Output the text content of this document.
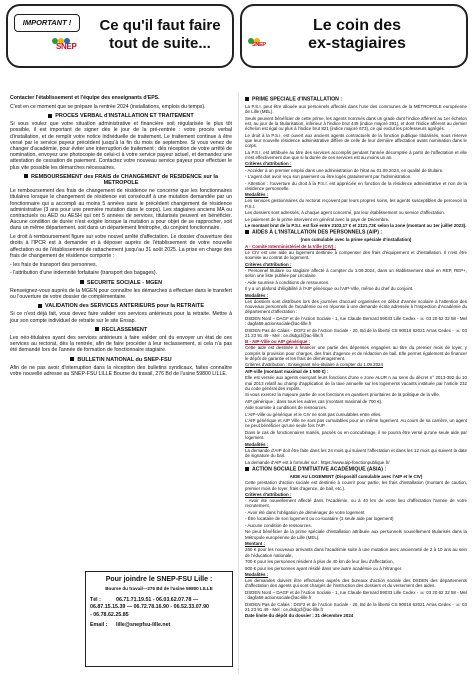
IMPORTANT !
SNEP
Ce qu'il faut faire
tout de suite...
Le coin des
ex-stagiaires
SNEP

Contacter l'établissement et l'équipe des enseignants d'EPS.

C'est en ce moment que se prépare la rentrée 2024 (installations, emplois du temps).

PROCES VERBAL d'INSTALLATION ET TRAITEMENT

Si vous voulez que votre situation administrative et financière soit régularisée le plus tôt possible, il est important de signer dès le jour de la pré-rentrée : votre procès verbal d'installation, et de remplir votre notice individuelle de traitement. Le traitement continue à être versé par le service payeur précédent jusqu'à la fin du mois de septembre. Si vous venez de changer d'académie, pour éviter une interruption de traitement : dès réception de votre arrêté de nomination, envoyez une photocopie de celui-ci à votre service payeur actuel, et demandez une attestation de cessation de paiement. Contactez votre nouveau service payeur pour effectuer le plus vite possible les démarches nécessaires.

REMBOURSEMENT des FRAIS de CHANGEMENT de RESIDENCE sur la METROPOLE

Le remboursement des frais de changement de résidence ne concerne que les fonctionnaires titulaires lorsque le changement de résidence est consécutif à une mutation demandée par un fonctionnaire qui a accompli au moins 5 années sans le précédent changement de résidence administrative (3 ans pour une première mutation dans le corps). Les stagiaires anciens MA ou contractuels ou AED ou AESH qui ont 5 années de services, titularisés peuvent en bénéficier. Aucune condition de durée n'est exigée lorsque la mutation a pour objet de se rapprocher, soit dans un même département, soit dans un département limitrophe, du conjoint fonctionnaire.

Le droit à remboursement figure sur votre nouvel arrêté d'affectation. Le dossier d'ouverture des droits à l'IPCR est à demander et à déposer auprès de l'établissement de votre nouvelle affectation ou de l'établissement de rattachement jusqu'au 31 août 2025. La prise en charge des frais de changement de résidence comporte :

- les frais de transport des personnes,

- l'attribution d'une indemnité forfaitaire (transport des bagages).

SECURITE SOCIALE - MGEN

Renseignez-vous auprès de la MGEN pour connaître les démarches à effectuer dans le transfert ou l'ouverture de votre dossier de complémentaire.

VALIDATION des SERVICES ANTERIEURS pour la RETRAITE

Si ce n'est déjà fait, vous devez faire valider vos services antérieurs pour la retraite. Mettre à jour son compte individuel de retraite sur le site Ensap.

RECLASSEMENT

Les néo-titulaires ayant des services antérieurs à faire valider ont du envoyer un état de ces services au rectorat, dès la rentrée, afin de faire procéder à leur reclassement, si cela n'a pas été demandé lors de l'année de formation de fonctionnaire stagiaire.

BULLETIN NATIONAL du SNEP-FSU

Afin de ne pas avoir d'interruption dans la réception des bulletins syndicaux, faites connaître votre nouvelle adresse au SNEP-FSU LILLE Bourse du travail, 276 Bd de l'usine 59800 LILLE.

Pour joindre le SNEP-FSU Lille :
Bourse du travail—276 Bd de l'usine 59800 LILLE
Tél :	06.71.71.19.51 - 06.03.62.07.78 —
06.87.15.15.39 — 06.72.78.16.90 - 06.52.33.07.90
- 06.78.62.25.85
Email :	lille@snepfsu-lille.net
PRIME SPECIALE d'INSTALLATION :

La P.S.I. peut être allouée aux personnels affectés dans l'une des communes de la MÉTROPOLE européenne de Lille (MEL).

Seuls peuvent bénéficier de cette prime, les agents nommés dans un grade dont l'indice afférent au 1er échelon est, au jour de la titularisation, inférieur à l'indice brut 445 (indice majoré 391), et dont l'indice afférent au dernier échelon est égal ou plus à l'indice brut 821 (indice majoré 673), ce qui exclut les professeurs agrégés.

Le droit à la P.S.I. est ouvert aux anciens agents contractuels de la fonction publique titularisés, sous réserve que leur nouvelle résidence administrative diffère de celle de leur dernière affectation avant nomination dans le corps.

La P.S.I. est attribuée au titre des services accomplis pendant l'année décomptée à partir de l'affectation et elle n'est effectivement due que si la durée de ces services est au moins un an.

Critères d'attribution :

- Accéder à un premier emploi dans une administration de l'état au 01.09.2024, en qualité de titulaire.

- L'agent doit avoir reçu son paiement ou être logés gratuitement par l'administration.

- Attention : l'ouverture du droit à la P.S.I. est appréciée en fonction de la résidence administrative et non de la résidence personnelle.

Modalités :

Les services gestionnaires du rectorat reçoivent par leurs propres soins, les agents susceptibles de percevoir la P.S.I.

Les dossiers sont adressés, à chaque agent concerné, par leur établissement ou service d'affectation.

Le paiement de la prime intervient en général avec la paye de Décembre.

Le montant brut de la P.S.I. est fixé entre 2103,17 € et 2121,72€ selon la zone (montant au 1er juillet 2023).

AIDES À L'INSTALLATION DES PERSONNELS (AIP) :

(non cumulable avec la prime spéciale d'installation)

A - Comité Interministériel de la Ville (CIV) :

Le CIV est une aide au logement destinée à compenser des frais d'équipement et d'installation. Il n'est être soumise au contrat de logement.

Critères d'attribution :

- Personnel titulaire ou stagiaire affecté à compter du 1.09.2024, dans un établissement situé en REP, REP+, selon une liste publiée par circulaire.

- Aide soumise à conditions de ressources.

Il y a un plafond d'éligibilité à l'AIP générique ou l'AIP-Ville, même du chef du conjoint.

Modalités :

Les dossiers sont distribués lors des journées d'accueil organisées en début d'année scolaire à l'attention des nouveaux personnels de l'académie ou en réponse à une demande écrite adressée à l'Inspection d'Académie du département d'affectation :

DSDEN Nord – DAGF et de l'Action Sociale - 1, rue Claude Bernard 59033 Lille Cedex - ☏ 03 20 62 32 58 - Mel : dagfa59.actionsociale@ac-lille.fr

DSDEN Pas de Calais - DGF2 et de l'Action Sociale - 20, Bd de la liberté CS 90016 62021 Arras Cedex - ☏ 03 21 23 91 49 - Mel : ce.dsdgcf@ac-lille.fr

B - AIP-Ville ou AIP générique :

Cette aide est destinée à financer une partie des dépenses engagées au titre du premier mois de loyer, y compris la provision pour charges, des frais d'agence et de rédaction de bail. Elle permet également de financer le dépôt de garantie et les frais de déménagement.

Critères d'attribution : Enseignant néo-titulaire à compter du 1.09.2024

AIP-ville (montant maximal de 1 500 €) :

Elle est versée aux agents exerçant leurs fonctions d'une e zone ALUR n au sens du décret n° 2013-392 du 10 mai 2013 relatif au champ d'application de la taxe annuelle sur les logements vacants instituée par l'article 232 du code général des impôts.

Si vous exercez la majeure partie de vos fonctions en quartiers prioritaires de la politique de la ville.

AIP générique : dans tous les autres cas (montant maximal de 700 €).

Aide soumise à conditions de ressources.

L'AIP-Ville ou générique et le CIV ne sont pas cumulables entre elles.

L'AIP générique et AIP Ville ne sont pas cumulables pour un même logement. Au cours de sa carrière, un agent ne peut bénéficier qu'une seule fois l'AIP.

Dans le cas de fonctionnaires mariés, pacsés ou en concubinage, il ne pourra être versé qu'une seule aide par logement.

Modalités :

La demande d'AIP doit être faite dans les 24 mois qui suivent l'affectation et dans les 12 mois qui suivent la date de signature du bail.

La demande d'AIP est à formuler sur : https://www.aip-fonctionpublique.fr/

ACTION SOCIALE D'INITIATIVE ACADÉMIQUE (ASIA) :

AIDE AU LOGEMENT (Dispositif cumulable avec l'AIP et le CIV)

Cette prestation d'action sociale est destinée à couvrir pour partie, les frais d'installation (montant de caution, premier mois de loyer, frais d'agence, de bail, etc.).

Critères d'attribution :

- Avoir été nouvellement affecté dans l'Académie, ou à 40 km de votre lieu d'affectation l'année de votre recrutement,

- Avoir été dans l'obligation de déménager de votre logement

- Être locataire de son logement ou co-locataire (1 seule aide par logement)

- Aucune condition de ressources.

Ne peut bénéficier de la prime spéciale d'installation attribuée aux personnels nouvellement titularisés dans la Métropole européenne de Lille (MEL).

Montant :

260 € pour les nouveaux arrivants dans l'académie suite à une mutation avec ancienneté de 2 à 10 ans au sein de l'éducation nationale,

700 € pour les personnes résident à plus de 40 km de leur lieu d'affectation,

900 € pour les personnes ayant résidé dans une autre académie ou à l'étranger.

Modalités :

Les demandes doivent être effectuées auprès des bureaux d'action sociale des DSDEN des départements d'affectation des agents qui sont chargés de l'instruction des dossiers et du versement des aides.

DSDEN Nord – DAGF et de l'Action Sociale - 1, rue Claude Bernard 59033 Lille Cedex - ☏ 03 20 62 32 58 - Mel : dagfa59.actionsociale@ac-lille.fr

DSDEN Pas de Calais : DGF2 et de l'Action Sociale - 20, Bd de la liberté CS 90016 62021 Arras Cedex - ☏ 03 21 23 91 49 - Mel : ce.dsdgcf@ac-lille.fr

Date limite du dépôt du dossier : 31 décembre 2024
